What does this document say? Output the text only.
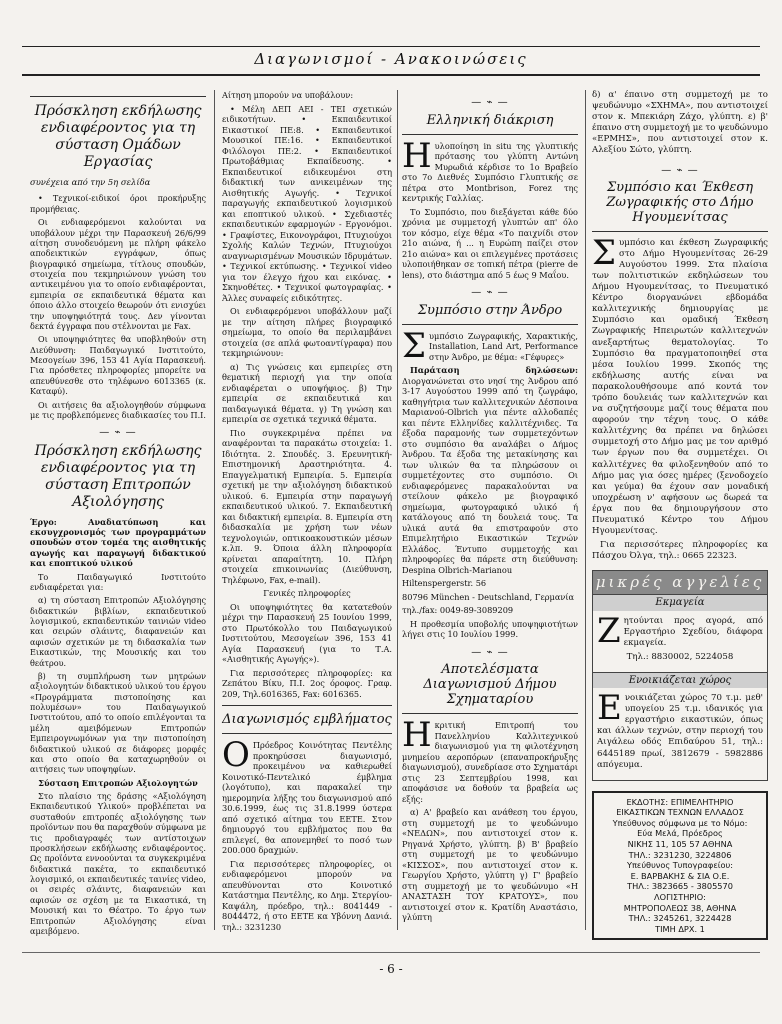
Διαγωνισμοί - Ανακοινώσεις
Πρόσκληση εκδήλωσης ενδιαφέροντος για τη σύσταση Ομάδων Εργασίας
συνέχεια από την 5η σελίδα

• Τεχνικοί-ειδικοί όροι προκήρυξης προμήθειας.

Οι ενδιαφερόμενοι καλούνται να υποβάλουν μέχρι την Παρασκευή 26/6/99 αίτηση συνοδευόμενη με πλήρη φάκελο αποδεικτικών εγγράφων, όπως βιογραφικό σημείωμα, τίτλους σπουδών, στοιχεία που τεκμηριώνουν γνώση του αντικειμένου για το οποίο ενδιαφέρονται, εμπειρία σε εκπαιδευτικά θέματα και όποιο άλλο στοιχείο θεωρούν ότι ενισχύει την υποψηφιότητά τους. Δεν γίνονται δεκτά έγγραφα που στέλνονται με Fax.

Οι υποψηφιότητες θα υποβληθούν στη Διεύθυνση: Παιδαγωγικό Ινστιτούτο, Μεσογείων 396, 153 41 Αγία Παρασκευή. Για πρόσθετες πληροφορίες μπορείτε να απευθύνεσθε στο τηλέφωνο 6013365 (κ. Καταφύ).

Οι αιτήσεις θα αξιολογηθούν σύμφωνα με τις προβλεπόμενες διαδικασίες του Π.Ι.

— ⌁ —
Πρόσκληση εκδήλωσης ενδιαφέροντος για τη σύσταση Επιτροπών Αξιολόγησης

Έργο: Αναδιατύπωση και εκσυγχρονισμός των προγραμμάτων σπουδών στον τομέα της αισθητικής αγωγής και παραγωγή διδακτικού και εποπτικού υλικού

Το Παιδαγωγικό Ινστιτούτο ενδιαφέρεται για:

α) τη σύσταση Επιτροπών Αξιολόγησης διδακτικών βιβλίων, εκπαιδευτικού λογισμικού, εκπαιδευτικών ταινιών video και σειρών σλάιντς, διαφανειών και αφισών σχετικών με τη διδασκαλία των Εικαστικών, της Μουσικής και του θεάτρου.

β) τη συμπλήρωση των μητρώων αξιολογητών διδακτικού υλικού του έργου «Προγράμματα πιστοποίησης και πολυμέσων» του Παιδαγωγικού Ινστιτούτου, από το οποίο επιλέγονται τα μέλη αμειβόμενων Επιτροπών Εμπειρογνωμόνων για την πιστοποίηση διδακτικού υλικού σε διάφορες μορφές και στο οποίο θα καταχωρηθούν οι αιτήσεις των υποψηφίων.

Σύσταση Επιτροπών Αξιολογητών

Στο πλαίσιο της δράσης «Αξιολόγηση Εκπαιδευτικού Υλικού» προβλέπεται να συσταθούν επιτροπές αξιολόγησης των προϊόντων που θα παραχθούν σύμφωνα με τις προδιαγραφές των αντίστοιχων προσκλήσεων εκδήλωσης ενδιαφέροντος. Ως προϊόντα εννοούνται τα συγκεκριμένα διδακτικά πακέτα, το εκπαιδευτικό λογισμικό, οι εκπαιδευτικές ταινίες video, οι σειρές σλάιντς, διαφανειών και αφισών σε σχέση με τα Εικαστικά, τη Μουσική και το Θέατρο. Το έργο των Επιτροπών Αξιολόγησης είναι αμειβόμενο.

Αίτηση μπορούν να υποβάλουν:

• Μέλη ΔΕΠ ΑΕΙ - ΤΕΙ σχετικών ειδικοτήτων. • Εκπαιδευτικοί Εικαστικοί ΠΕ:8. • Εκπαιδευτικοί Μουσικοί ΠΕ:16. • Εκπαιδευτικοί Φιλόλογοι ΠΕ:2. • Εκπαιδευτικοί Πρωτοβάθμιας Εκπαίδευσης. • Εκπαιδευτικοί ειδικευμένοι στη διδακτική των ανικειμένων της Αισθητικής Αγωγής. • Τεχνικοί παραγωγής εκπαιδευτικού λογισμικού και εποπτικού υλικού. • Σχεδιαστές εκπαιδευτικών εφαρμογών - Εργονόμοι. • Γραφίστες, Εικονογράφοι, Πτυχιούχοι Σχολής Καλών Τεχνών, Πτυχιούχοι αναγνωρισμένων Μουσικών Ιδρυμάτων. • Τεχνικοί εκτύπωσης. • Τεχνικοί video για τον έλεγχο ήχου και εικόνας. • Σκηνοθέτες. • Τεχνικοί φωτογραφίας. • Άλλες συναφείς ειδικότητες.

Οι ενδιαφερόμενοι υποβάλλουν μαζί με την αίτηση πλήρες βιογραφικό σημείωμα, το οποίο θα περιλαμβάνει στοιχεία (σε απλά φωτοαντίγραφα) που τεκμηριώνουν:

α) Τις γνώσεις και εμπειρίες στη θεματική περιοχή για την οποία ενδιαφέρεται ο υποψήφιος. β) Την εμπειρία σε εκπαιδευτικά και παιδαγωγικά θέματα. γ) Τη γνώση και εμπειρία σε σχετικά τεχνικά θέματα.

Πιο συγκεκριμένα πρέπει να αναφέρονται τα παρακάτω στοιχεία: 1. Ιδιότητα. 2. Σπουδές. 3. Ερευνητική-Επιστημονική Δραστηριότητα. 4. Επαγγελματική Εμπειρία. 5. Εμπειρία σχετική με την αξιολόγηση διδακτικού υλικού. 6. Εμπειρία στην παραγωγή εκπαιδευτικού υλικού. 7. Εκπαιδευτική και διδακτική εμπειρία. 8. Εμπειρία στη διδασκαλία με χρήση των νέων τεχνολογιών, οπτικοακουστικών μέσων κ.λπ. 9. Όποια άλλη πληροφορία κρίνεται απαραίτητη. 10. Πλήρη στοιχεία επικοινωνίας (Διεύθυνση, Τηλέφωνο, Fax, e-mail).

Γενικές πληροφορίες

Οι υποψηφιότητες θα κατατεθούν μέχρι την Παρασκευή 25 Ιουνίου 1999, στο Πρωτόκολλο του Παιδαγωγικού Ινστιτούτου, Μεσογείων 396, 153 41 Αγία Παρασκευή (για το Τ.Α. «Αισθητικής Αγωγής»).

Για περισσότερες πληροφορίες: κα Ζεπάτου Βίκυ, Π.Ι. 2ος όροφος. Γραφ. 209, Τηλ.6016365, Fax: 6016365.

Διαγωνισμός εμβλήματος

Ο Πρόεδρος Κοινότητας Πεντέλης προκηρύσσει διαγωνισμό, προκειμένου να καθιερωθεί Κοινοτικό-Πεντελικό έμβλημα (λογότυπο), και παρακαλεί την ημερομηνία λήξης του διαγωνισμού από 30.6.1999, έως τις 31.8.1999 ύστερα από σχετικό αίτημα του ΕΕΤΕ. Στον δημιουργό του εμβλήματος που θα επιλεγεί, θα απονεμηθεί το ποσό των 200.000 δραχμών.

Για περισσότερες πληροφορίες, οι ενδιαφερόμενοι μπορούν να απευθύνονται στο Κοινοτικό Κατάστημα Πεντέλης, κο Δημ. Στεργίου-Καψάλη, πρόεδρο, τηλ.: 8041449 - 8044472, ή στο ΕΕΤΕ κα Υβόννη Δανιά. τηλ.: 3231230

— ⌁ —
Ελληνική διάκριση

Ηυλοποίηση in situ της γλυπτικής πρότασης του γλύπτη Αντώνη Μυρωδιά κέρδισε το 1ο Βραβείο στο 7ο Διεθνές Συμπόσιο Γλυπτικής σε πέτρα στο Montbrison, Forez της κεντρικής Γαλλίας.

Το Συμπόσιο, που διεξάγεται κάθε δύο χρόνια με συμμετοχή γλυπτών απ' όλο τον κόσμο, είχε θέμα «Το παιχνίδι στον 21ο αιώνα, ή ... η Ευρώπη παίζει στον 21ο αιώνα» και οι επιλεγμένες προτάσεις υλοποιήθηκαν σε τοπική πέτρα (pierre de lens), στο διάστημα από 5 έως 9 Μαΐου.

— ⌁ —
Συμπόσιο στην Άνδρο

Συμπόσιο Ζωγραφικής, Χαρακτικής, Installation, Land Art, Performance στην Άνδρο, με θέμα: «Γέφυρες»

Παράταση δηλώσεων: Διοργανώνεται στο νησί της Άνδρου από 3-17 Αυγούστου 1999 από τη ζωγράφο, καθηγήτρια των καλλιτεχνικών Δέσποινα Μαριανού-Olbrich για πέντε αλλοδαπές και πέντε Ελληνίδες καλλιτέχνιδες. Τα έξοδα παραμονής των συμμετεχόντων στο συμπόσιο θα αναλάβει ο Δήμος Άνδρου. Τα έξοδα της μετακίνησης και των υλικών θα τα πληρώσουν οι συμμετέχοντες στο συμπόσιο. Οι ενδιαφερόμενες παρακαλούνται να στείλουν φάκελο με βιογραφικό σημείωμα, φωτογραφικό υλικό ή κατάλογους από τη δουλειά τους. Τα υλικά αυτά θα επιστραφούν στο Επιμελητήριο Εικαστικών Τεχνών Ελλάδος. Έντυπο συμμετοχής και πληροφορίες θα πάρετε στη διεύθυνση: Despina Olbrich-Marianou

Hiltenspergerstr. 56

80796 München - Deutschland, Γερμανία

τηλ./fax: 0049-89-3089209

Η προθεσμία υποβολής υποψηφιοτήτων λήγει στις 10 Ιουλίου 1999.

— ⌁ —
Αποτελέσματα Διαγωνισμού Δήμου Σχηματαρίου

Ηκριτική Επιτροπή του Πανελληνίου Καλλιτεχνικού διαγωνισμού για τη φιλοτέχνηση μνημείου αεροπόρων (επαναπροκήρυξης διαγωνισμού), συνεδρίασε στο Σχηματάρι στις 23 Σεπτεμβρίου 1998, και αποφάσισε να δοθούν τα βραβεία ως εξής:

α) Α' βραβείο και ανάθεση του έργου, στη συμμετοχή με το ψευδώνυμο «ΝΕΔΩΝ», που αντιστοιχεί στον κ. Ρηγανά Χρήστο, γλύπτη. β) Β' βραβείο στη συμμετοχή με το ψευδώνυμο «ΚΙΣΣΟΣ», που αντιστοιχεί στον κ. Γεωργίου Χρήστο, γλύπτη γ) Γ' βραβείο στη συμμετοχή με το ψευδώνυμο «Η ΑΝΑΣΤΑΣΗ ΤΟΥ ΚΡΑΤΟΥΣ», που αντιστοιχεί στον κ. Κρατίδη Αναστάσιο, γλύπτη

δ) α' έπαινο στη συμμετοχή με το ψευδώνυμο «ΣΧΗΜΑ», που αντιστοιχεί στον κ. Μπεκιάρη Ζάχο, γλύπτη. ε) β' έπαινο στη συμμετοχή με το ψευδώνυμο «ΕΡΜΗΣ», που αντιστοιχεί στον κ. Αλεξίου Σώτο, γλύπτη.

— ⌁ —
Συμπόσιο και Έκθεση Ζωγραφικής στο Δήμο Ηγουμενίτσας

Συμπόσιο και έκθεση Ζωγραφικής στο Δήμο Ηγουμενίτσας 26-29 Αυγούστου 1999. Στα πλαίσια των πολιτιστικών εκδηλώσεων του Δήμου Ηγουμενίτσας, το Πνευματικό Κέντρο διοργανώνει εβδομάδα καλλιτεχνικής δημιουργίας με Συμπόσιο και ομαδική Έκθεση Ζωγραφικής Ηπειρωτών καλλιτεχνών ανεξαρτήτως θεματολογίας. Το Συμπόσιο θα πραγματοποιηθεί στα μέσα Ιουλίου 1999. Σκοπός της εκδήλωσης αυτής είναι να παρακολουθήσουμε από κοντά τον τρόπο δουλειάς των καλλιτεχνών και να συζητήσουμε μαζί τους θέματα που αφορούν την τέχνη τους. Ο κάθε καλλιτέχνης θα πρέπει να δηλώσει συμμετοχή στο Δήμο μας με τον αριθμό των έργων που θα συμμετέχει. Οι καλλιτέχνες θα φιλοξενηθούν από το Δήμο μας για όσες ημέρες (ξενοδοχείο και γεύμα) θα έχουν σαν μοναδική υποχρέωση ν' αφήσουν ως δωρεά τα έργα που θα δημιουργήσουν στο Πνευματικό Κέντρο του Δήμου Ηγουμενίτσας.

Για περισσότερες πληροφορίες κα Πάσχου Όλγα, τηλ.: 0665 22323.

μικρές αγγελίες
Εκμαγεία

Ζητούνται προς αγορά, από Εργαστήριο Σχεδίου, διάφορα εκμαγεία.

Τηλ.: 8830002, 5224058

Ενοικιάζεται χώρος

Ενοικιάζεται χώρος 70 τ.μ. μεθ' υπογείου 25 τ.μ. ιδανικός για εργαστήριο εικαστικών, όπως και άλλων τεχνών, στην περιοχή του Αιγάλεω οδός Επιδαύρου 51, τηλ.: 6445189 πρωί, 3812679 - 5982886 απόγευμα.

ΕΚΔΟΤΗΣ: ΕΠΙΜΕΛΗΤΗΡΙΟ
ΕΙΚΑΣΤΙΚΩΝ ΤΕΧΝΩΝ ΕΛΛΑΔΟΣ
Υπεύθυνος σύμφωνα με το Νόμο:
Εύα Μελά, Πρόεδρος
ΝΙΚΗΣ 11, 105 57 ΑΘΗΝΑ
ΤΗΛ.: 3231230, 3224806
Υπεύθυνος Τυπογραφείου:
Ε. ΒΑΡΒΑΚΗΣ & ΣΙΑ Ο.Ε.
ΤΗΛ.: 3823665 - 3805570
ΛΟΓΙΣΤΗΡΙΟ:
ΜΗΤΡΟΠΟΛΕΩΣ 38, ΑΘΗΝΑ
ΤΗΛ.: 3245261, 3224428
ΤΙΜΗ ΔΡΧ. 1
- 6 -
